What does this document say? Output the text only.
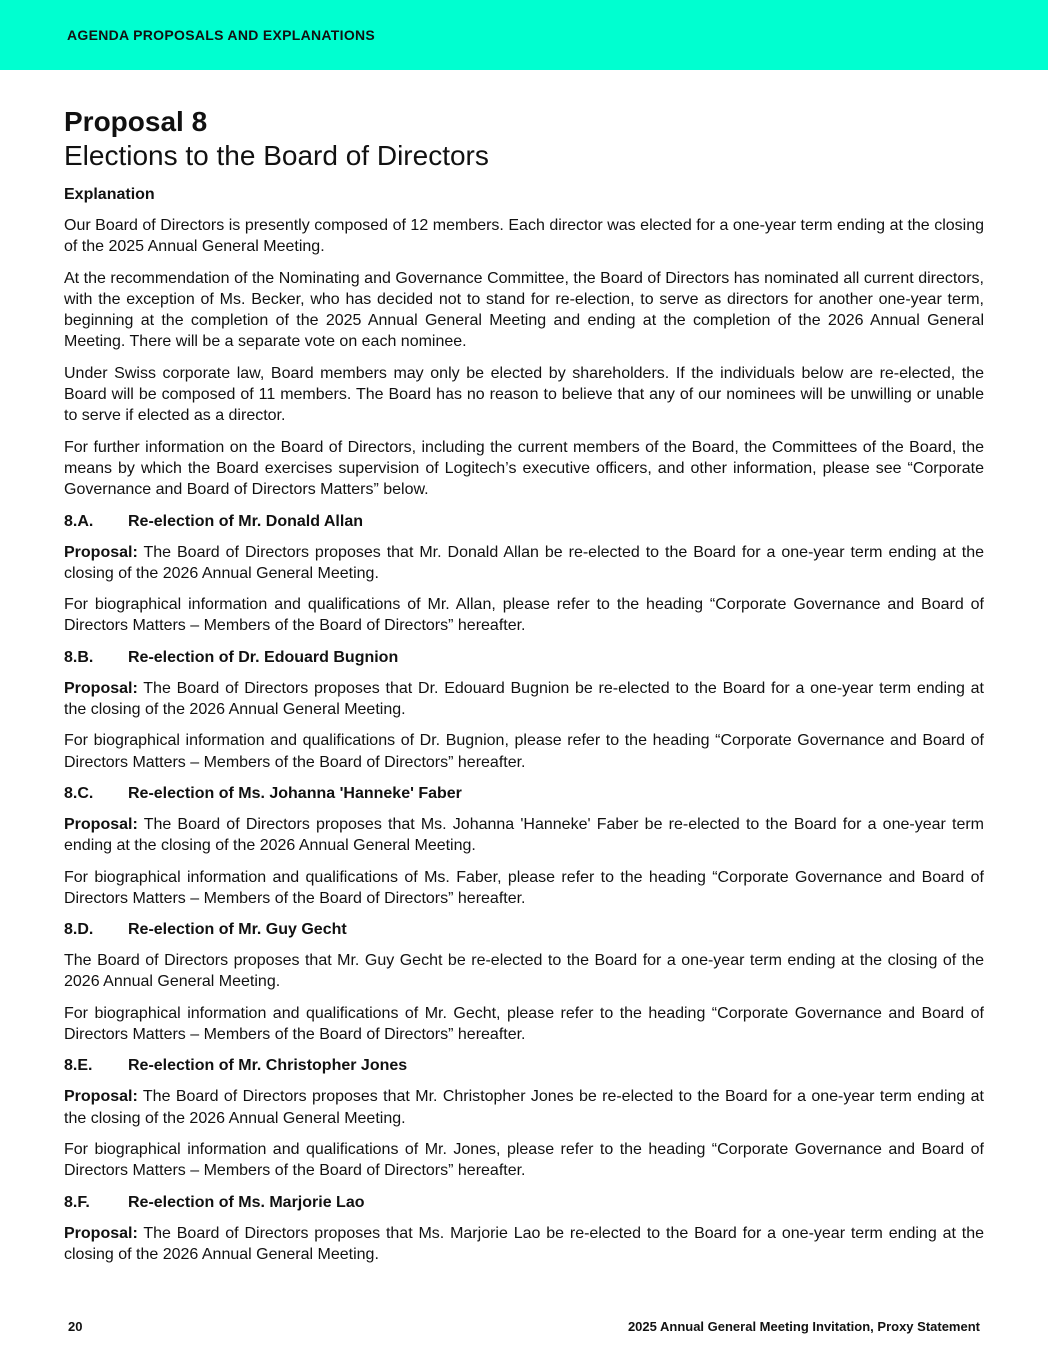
AGENDA PROPOSALS AND EXPLANATIONS
Proposal 8
Elections to the Board of Directors
Explanation

Our Board of Directors is presently composed of 12 members. Each director was elected for a one-year term ending at the closing of the 2025 Annual General Meeting.

At the recommendation of the Nominating and Governance Committee, the Board of Directors has nominated all current directors, with the exception of Ms. Becker, who has decided not to stand for re-election, to serve as directors for another one-year term, beginning at the completion of the 2025 Annual General Meeting and ending at the completion of the 2026 Annual General Meeting. There will be a separate vote on each nominee.

Under Swiss corporate law, Board members may only be elected by shareholders. If the individuals below are re-elected, the Board will be composed of 11 members. The Board has no reason to believe that any of our nominees will be unwilling or unable to serve if elected as a director.

For further information on the Board of Directors, including the current members of the Board, the Committees of the Board, the means by which the Board exercises supervision of Logitech’s executive officers, and other information, please see “Corporate Governance and Board of Directors Matters” below.

8.A.	Re-election of Mr. Donald Allan

Proposal: The Board of Directors proposes that Mr. Donald Allan be re-elected to the Board for a one-year term ending at the closing of the 2026 Annual General Meeting.

For biographical information and qualifications of Mr. Allan, please refer to the heading “Corporate Governance and Board of Directors Matters – Members of the Board of Directors” hereafter.

8.B.	Re-election of Dr. Edouard Bugnion

Proposal: The Board of Directors proposes that Dr. Edouard Bugnion be re-elected to the Board for a one-year term ending at the closing of the 2026 Annual General Meeting.

For biographical information and qualifications of Dr. Bugnion, please refer to the heading “Corporate Governance and Board of Directors Matters – Members of the Board of Directors” hereafter.

8.C.	Re-election of Ms. Johanna 'Hanneke' Faber

Proposal: The Board of Directors proposes that Ms. Johanna 'Hanneke' Faber be re-elected to the Board for a one-year term ending at the closing of the 2026 Annual General Meeting.

For biographical information and qualifications of Ms. Faber, please refer to the heading “Corporate Governance and Board of Directors Matters – Members of the Board of Directors” hereafter.

8.D.	Re-election of Mr. Guy Gecht

The Board of Directors proposes that Mr. Guy Gecht be re-elected to the Board for a one-year term ending at the closing of the 2026 Annual General Meeting.

For biographical information and qualifications of Mr. Gecht, please refer to the heading “Corporate Governance and Board of Directors Matters – Members of the Board of Directors” hereafter.

8.E.	Re-election of Mr. Christopher Jones

Proposal: The Board of Directors proposes that Mr. Christopher Jones be re-elected to the Board for a one-year term ending at the closing of the 2026 Annual General Meeting.

For biographical information and qualifications of Mr. Jones, please refer to the heading “Corporate Governance and Board of Directors Matters – Members of the Board of Directors” hereafter.

8.F.	Re-election of Ms. Marjorie Lao

Proposal: The Board of Directors proposes that Ms. Marjorie Lao be re-elected to the Board for a one-year term ending at the closing of the 2026 Annual General Meeting.

20	2025 Annual General Meeting Invitation, Proxy Statement
